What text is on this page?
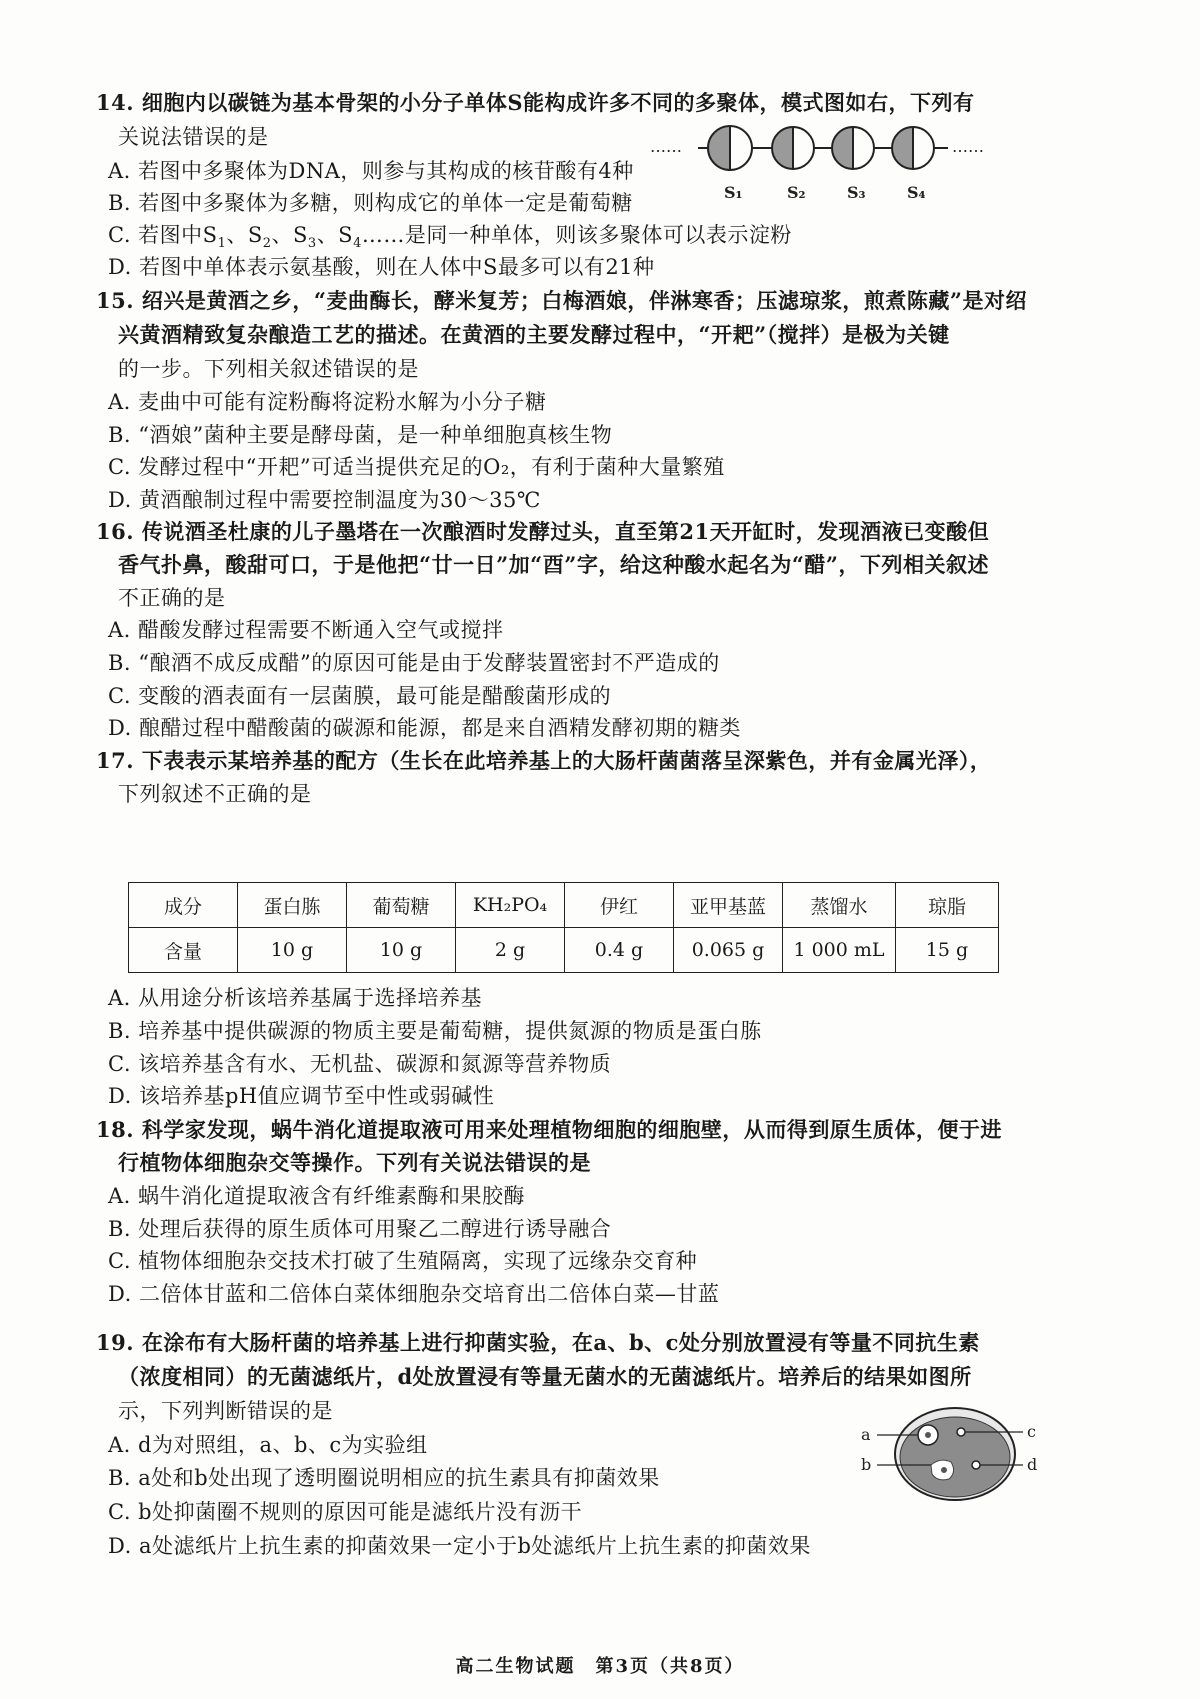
14. 细胞内以碳链为基本骨架的小分子单体S能构成许多不同的多聚体，模式图如右，下列有
关说法错误的是
A. 若图中多聚体为DNA，则参与其构成的核苷酸有4种
B. 若图中多聚体为多糖，则构成它的单体一定是葡萄糖
C. 若图中$S_1$、$S_2$、$S_3$、$S_4\dots\dots$是同一种单体，则该多聚体可以表示淀粉
D. 若图中单体表示氨基酸，则在人体中S最多可以有21种
……	……
S₁	S₂	S₃	S₄
15. 绍兴是黄酒之乡，“麦曲酶长，酵米复芳；白梅酒娘，伴淋寒香；压滤琼浆，煎煮陈藏”是对绍
兴黄酒精致复杂酿造工艺的描述。在黄酒的主要发酵过程中，“开耙”（搅拌）是极为关键
的一步。下列相关叙述错误的是
A. 麦曲中可能有淀粉酶将淀粉水解为小分子糖
B. “酒娘”菌种主要是酵母菌，是一种单细胞真核生物
C. 发酵过程中“开耙”可适当提供充足的O₂，有利于菌种大量繁殖
D. 黄酒酿制过程中需要控制温度为30～35℃
16. 传说酒圣杜康的儿子墨塔在一次酿酒时发酵过头，直至第21天开缸时，发现酒液已变酸但
香气扑鼻，酸甜可口，于是他把“廿一日”加“酉”字，给这种酸水起名为“醋”，下列相关叙述
不正确的是
A. 醋酸发酵过程需要不断通入空气或搅拌
B. “酿酒不成反成醋”的原因可能是由于发酵装置密封不严造成的
C. 变酸的酒表面有一层菌膜，最可能是醋酸菌形成的
D. 酿醋过程中醋酸菌的碳源和能源，都是来自酒精发酵初期的糖类
17. 下表表示某培养基的配方（生长在此培养基上的大肠杆菌菌落呈深紫色，并有金属光泽），
下列叙述不正确的是
成分	蛋白胨	葡萄糖	KH₂PO₄	伊红	亚甲基蓝	蒸馏水	琼脂
含量	10 g	10 g	2 g	0.4 g	0.065 g	1 000 mL	15 g
A. 从用途分析该培养基属于选择培养基
B. 培养基中提供碳源的物质主要是葡萄糖，提供氮源的物质是蛋白胨
C. 该培养基含有水、无机盐、碳源和氮源等营养物质
D. 该培养基pH值应调节至中性或弱碱性
18. 科学家发现，蜗牛消化道提取液可用来处理植物细胞的细胞壁，从而得到原生质体，便于进
行植物体细胞杂交等操作。下列有关说法错误的是
A. 蜗牛消化道提取液含有纤维素酶和果胶酶
B. 处理后获得的原生质体可用聚乙二醇进行诱导融合
C. 植物体细胞杂交技术打破了生殖隔离，实现了远缘杂交育种
D. 二倍体甘蓝和二倍体白菜体细胞杂交培育出二倍体白菜—甘蓝
19. 在涂布有大肠杆菌的培养基上进行抑菌实验，在a、b、c处分别放置浸有等量不同抗生素
（浓度相同）的无菌滤纸片，d处放置浸有等量无菌水的无菌滤纸片。培养后的结果如图所
示，下列判断错误的是
A. d为对照组，a、b、c为实验组
B. a处和b处出现了透明圈说明相应的抗生素具有抑菌效果
C. b处抑菌圈不规则的原因可能是滤纸片没有沥干
D. a处滤纸片上抗生素的抑菌效果一定小于b处滤纸片上抗生素的抑菌效果
a
b
c
d
高二生物试题　第3页（共8页）
